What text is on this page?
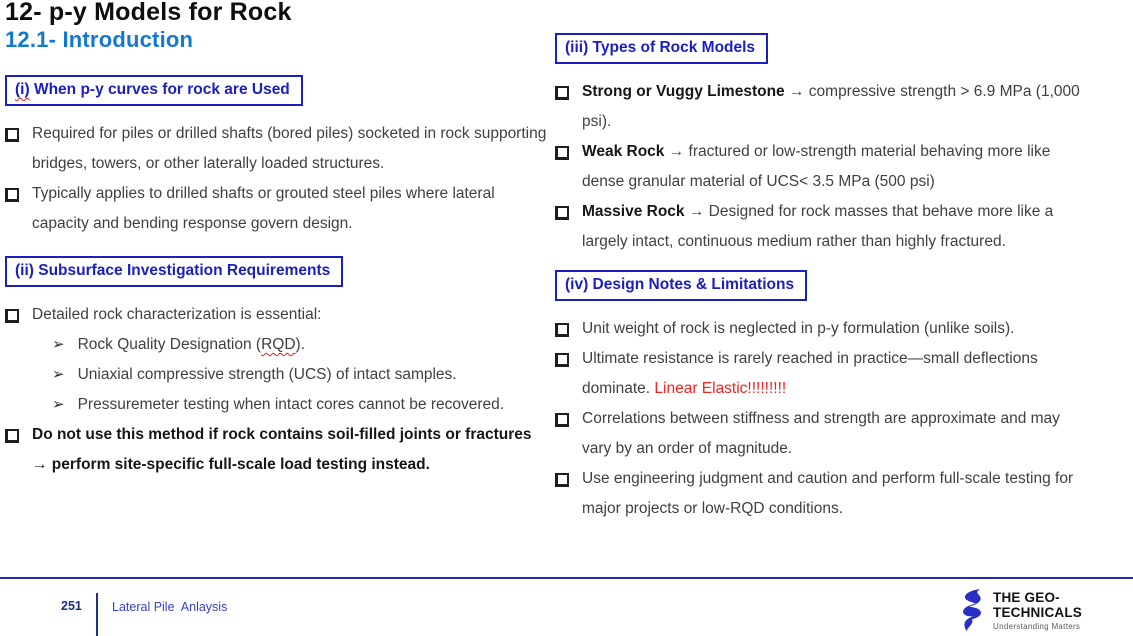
12- p-y Models for Rock
12.1- Introduction
(i) When p-y curves for rock are Used
Required for piles or drilled shafts (bored piles) socketed in rock supporting bridges, towers, or other laterally loaded structures.
Typically applies to drilled shafts or grouted steel piles where lateral capacity and bending response govern design.
(ii) Subsurface Investigation Requirements
Detailed rock characterization is essential:
➢ Rock Quality Designation (RQD).
➢ Uniaxial compressive strength (UCS) of intact samples.
➢ Pressuremeter testing when intact cores cannot be recovered.
Do not use this method if rock contains soil-filled joints or fractures → perform site-specific full-scale load testing instead.
(iii) Types of Rock Models
Strong or Vuggy Limestone → compressive strength > 6.9 MPa (1,000 psi).
Weak Rock → fractured or low-strength material behaving more like dense granular material of UCS< 3.5 MPa (500 psi)
Massive Rock → Designed for rock masses that behave more like a largely intact, continuous medium rather than highly fractured.
(iv) Design Notes & Limitations
Unit weight of rock is neglected in p-y formulation (unlike soils).
Ultimate resistance is rarely reached in practice—small deflections dominate. Linear Elastic!!!!!!!!!
Correlations between stiffness and strength are approximate and may vary by an order of magnitude.
Use engineering judgment and caution and perform full-scale testing for major projects or low-RQD conditions.
251 Lateral Pile  Anlaysis
THE GEO-
TECHNICALS
Understanding Matters
